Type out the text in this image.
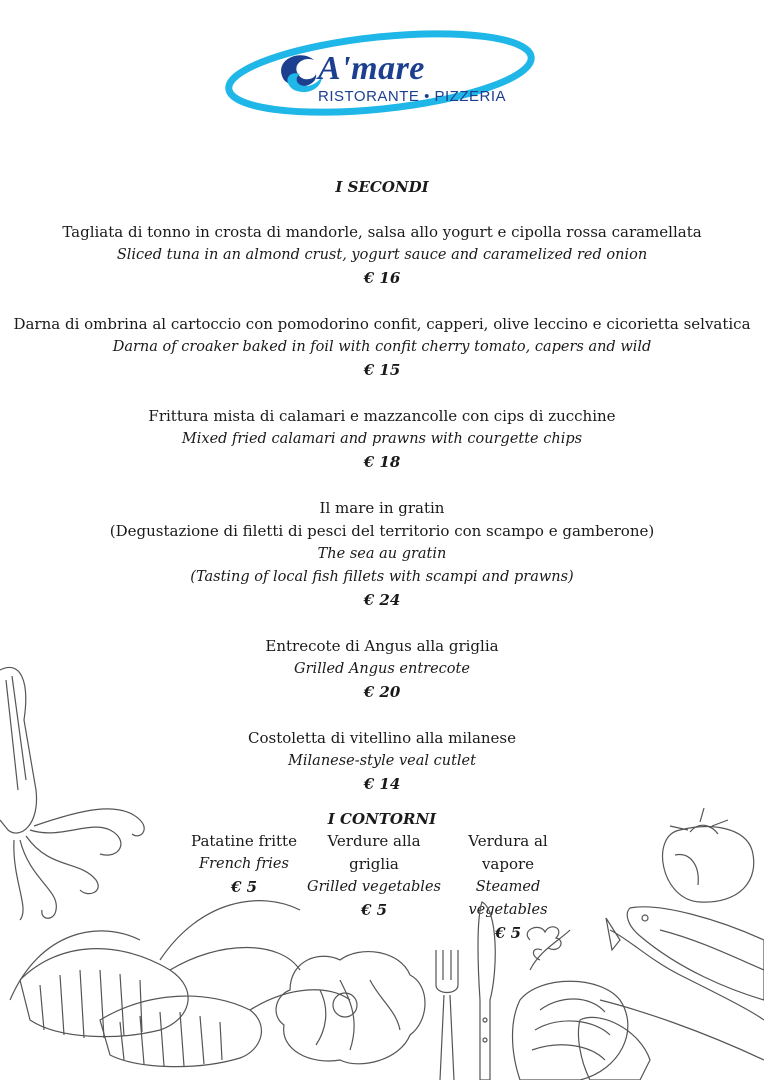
A'mare
RISTORANTE • PIZZERIA
I SECONDI
Tagliata di tonno in crosta di mandorle, salsa allo yogurt e cipolla rossa caramellata
Sliced tuna in an almond crust, yogurt sauce and caramelized red onion
€ 16
Darna di ombrina al cartoccio con pomodorino confit, capperi, olive leccino e cicorietta selvatica
Darna of croaker baked in foil with confit cherry tomato, capers and wild
€ 15
Frittura mista di calamari e mazzancolle con cips di zucchine
Mixed fried calamari and prawns with courgette chips
€ 18
Il mare in gratin
(Degustazione di filetti di pesci del territorio con scampo e gamberone)
The sea au gratin
(Tasting of local fish fillets with scampi and prawns)
€ 24
Entrecote di Angus alla griglia
Grilled Angus entrecote
€ 20
Costoletta di vitellino alla milanese
Milanese-style veal cutlet
€ 14
I CONTORNI
Patatine fritte
French fries
€ 5
Verdure alla griglia
Grilled vegetables
€ 5
Verdura al vapore
Steamed vegetables
€ 5
